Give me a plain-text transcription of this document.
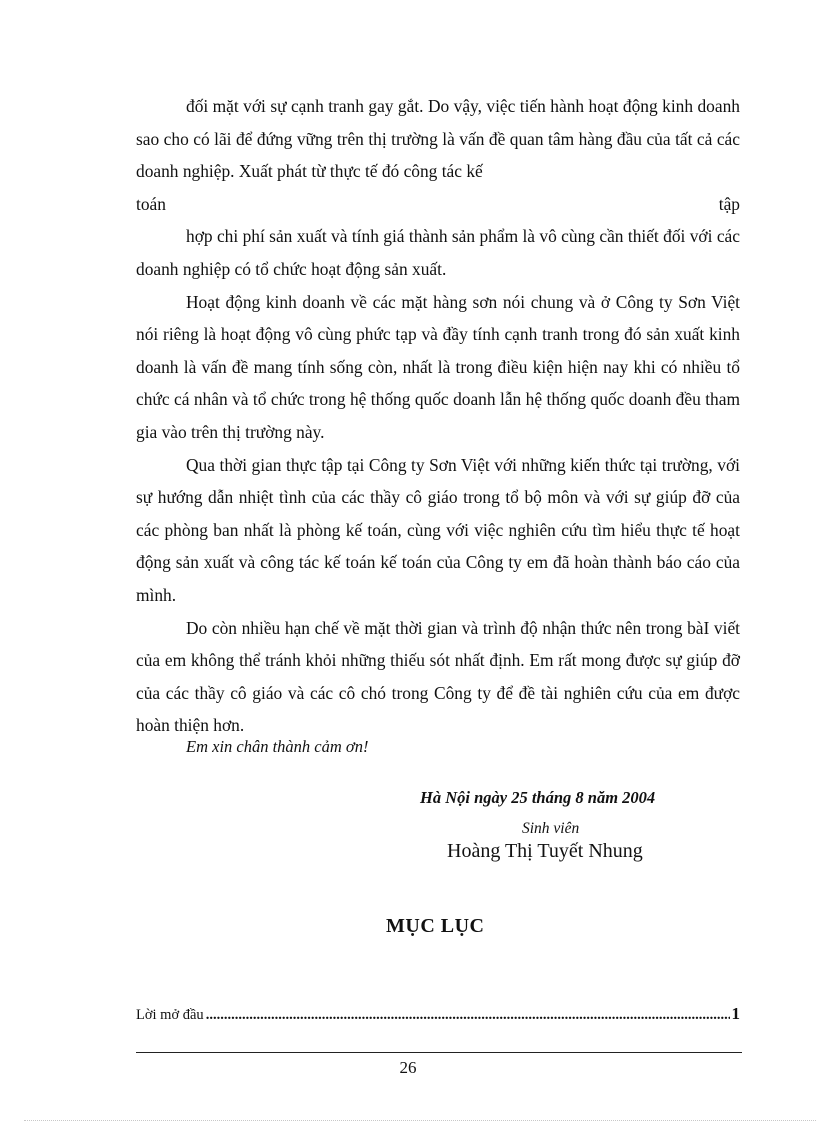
đối mặt với sự cạnh tranh gay gắt. Do vậy, việc tiến hành hoạt động kinh doanh sao cho có lãi để đứng vững trên thị trường là vấn đề quan tâm hàng đầu của tất cả các doanh nghiệp. Xuất phát từ thực tế đó công tác kế

toán	tập

hợp chi phí sản xuất và tính giá thành sản phẩm là vô cùng cần thiết đối với các doanh nghiệp có tổ chức hoạt động sản xuất.

Hoạt động kinh doanh về các mặt hàng sơn nói chung và ở Công ty Sơn Việt nói riêng là hoạt động vô cùng phức tạp và đầy tính cạnh tranh trong đó sản xuất kinh doanh là vấn đề mang tính sống còn, nhất là trong điều kiện hiện nay khi có nhiều tổ chức cá nhân và tổ chức trong hệ thống quốc doanh lẫn hệ thống quốc doanh đều tham gia vào trên thị trường này.

Qua thời gian thực tập tại Công ty Sơn Việt với những kiến thức tại trường, với sự hướng dẫn nhiệt tình của các thầy cô giáo trong tổ bộ môn và với sự giúp đỡ của các phòng ban nhất là phòng kế toán, cùng với việc nghiên cứu tìm hiểu thực tế hoạt động sản xuất và công tác kế toán kế toán của Công ty em đã hoàn thành báo cáo của mình.

Do còn nhiều hạn chế về mặt thời gian và trình độ nhận thức nên trong bàI viết của em không thể tránh khỏi những thiếu sót nhất định. Em rất mong được sự giúp đỡ của các thầy cô giáo và các cô chó trong Công ty để đề tài nghiên cứu của em được hoàn thiện hơn.

Em xin chân thành cảm ơn!
Hà Nội ngày 25 tháng 8 năm 2004
Sinh viên
Hoàng Thị Tuyết Nhung
MỤC LỤC
Lời mở đầu
.....	1
26
